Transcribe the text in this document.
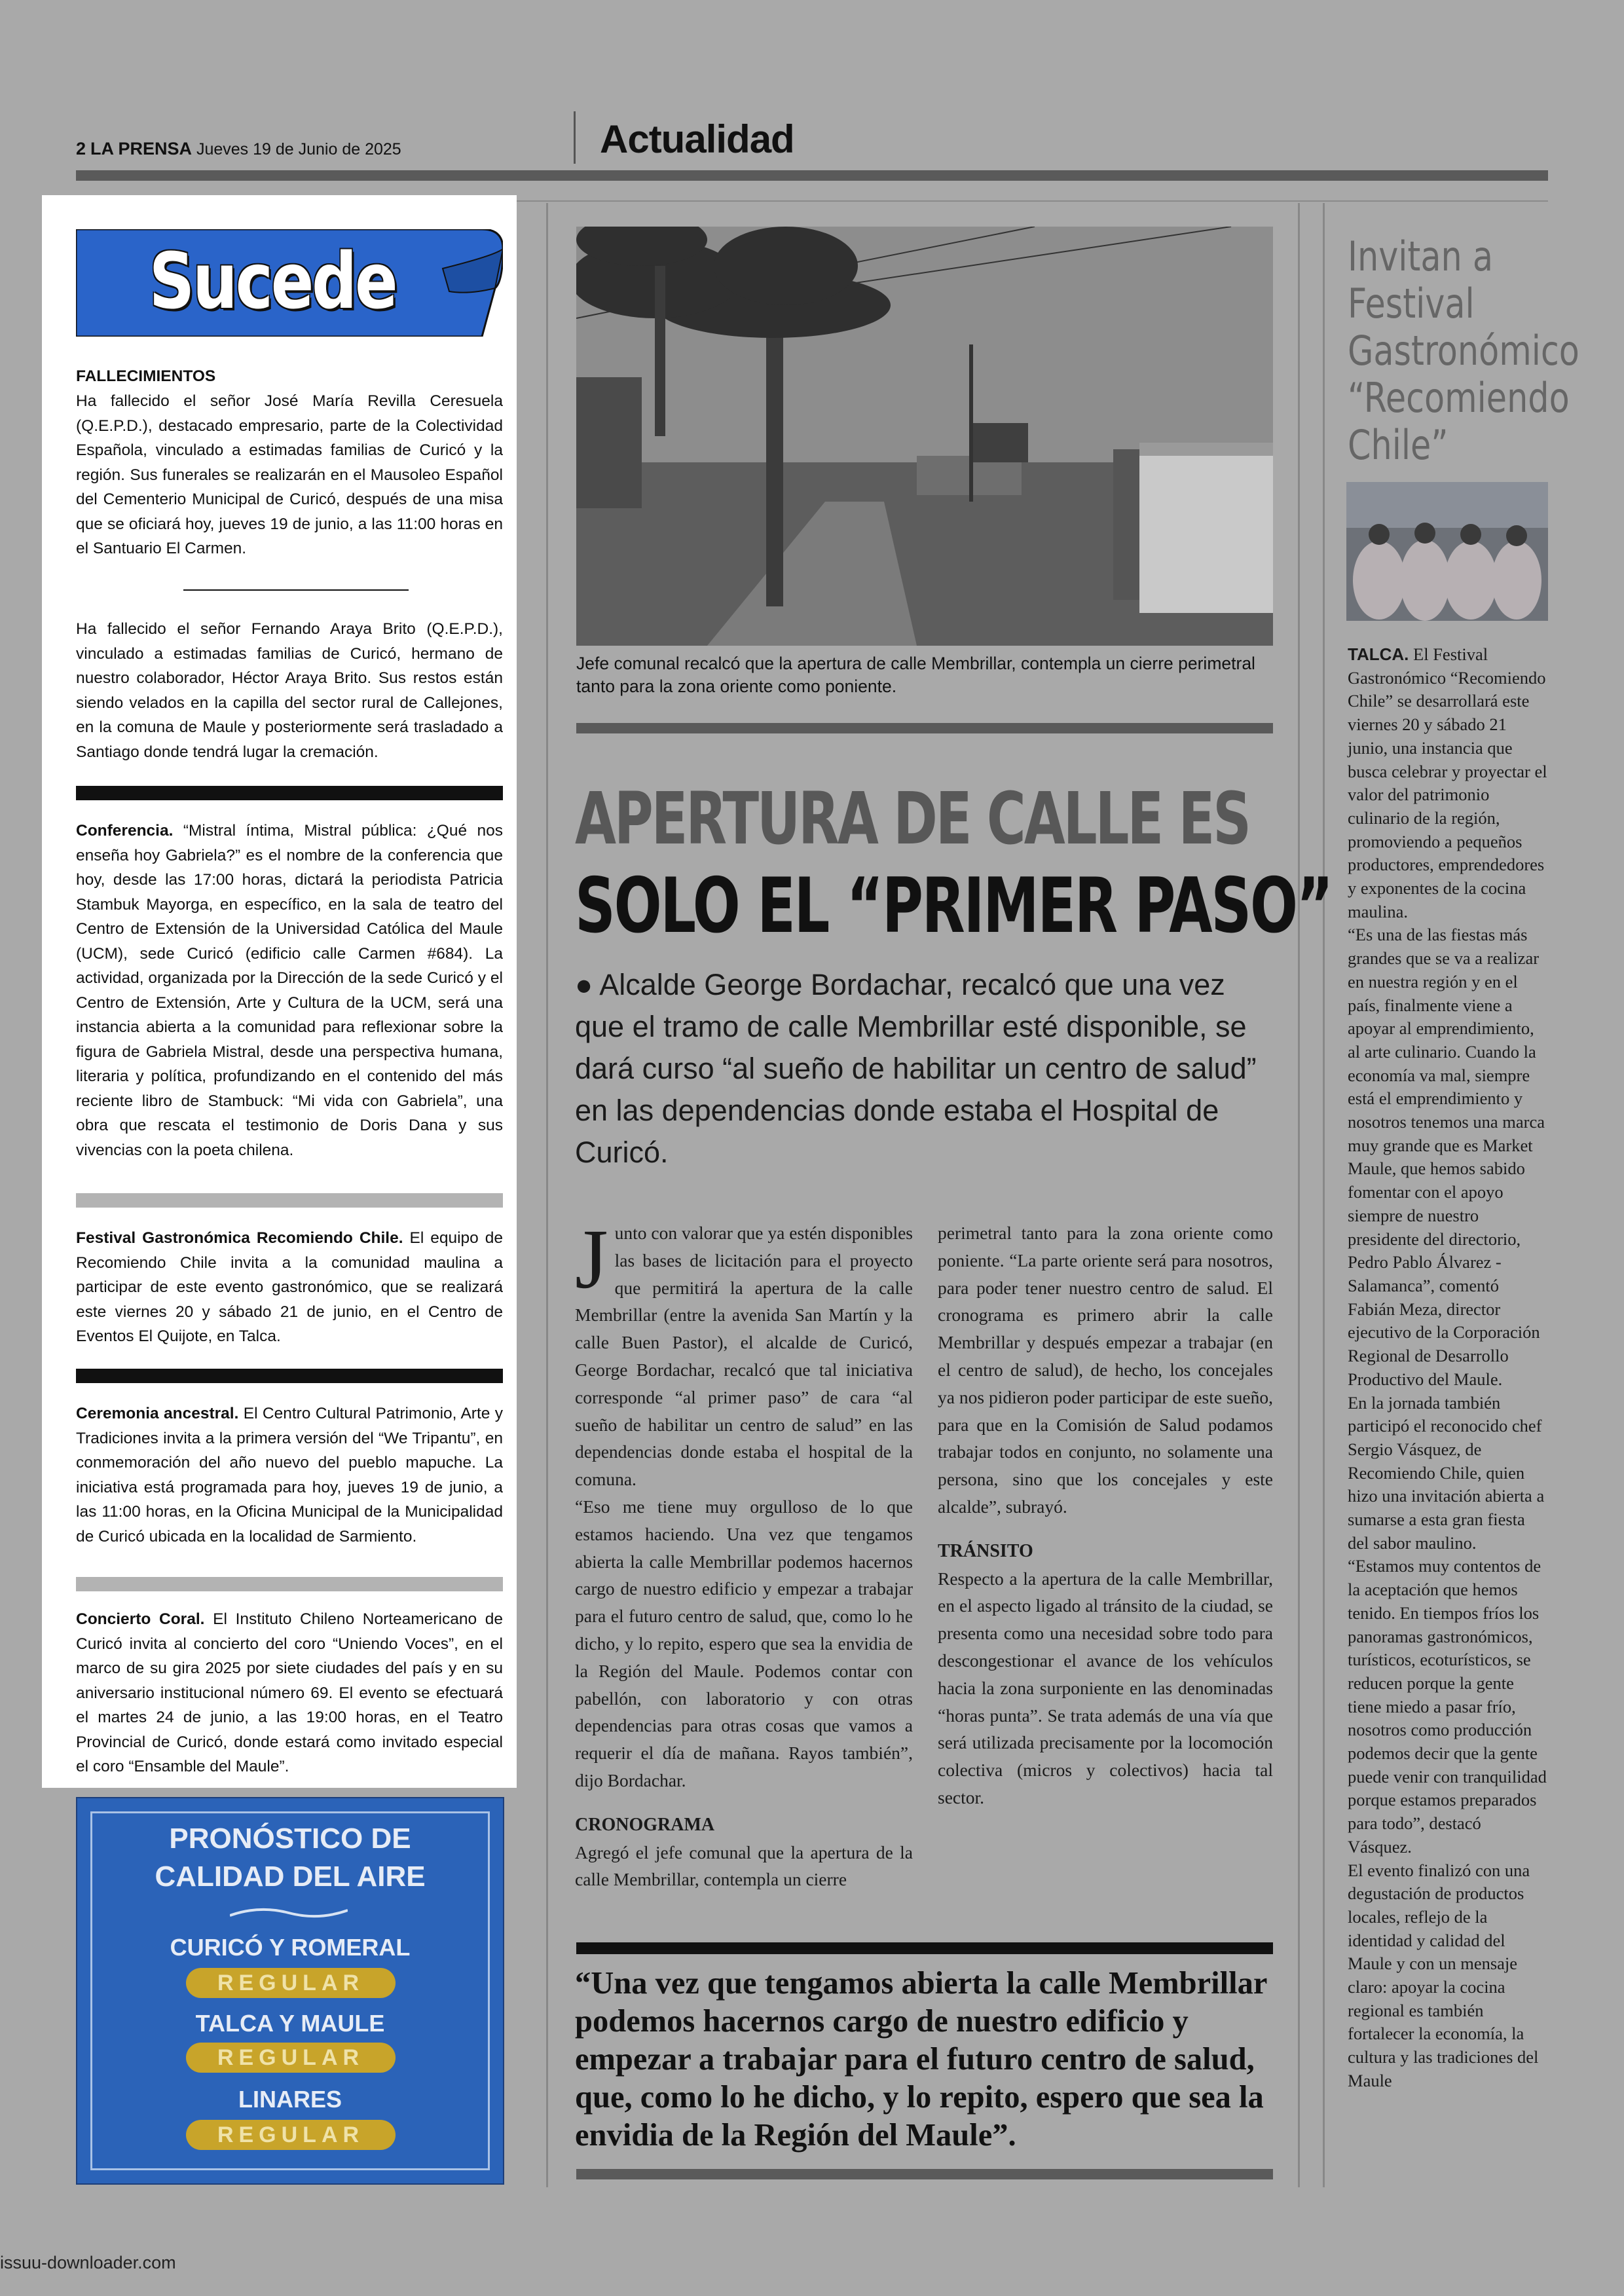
2 LA PRENSA Jueves 19 de Junio de 2025	Actualidad
Sucede
FALLECIMIENTOS
Ha fallecido el señor José María Revilla Ceresuela (Q.E.P.D.), destacado empresario, parte de la Colectividad Española, vinculado a estimadas familias de Curicó y la región. Sus funerales se realizarán en el Mausoleo Español del Cementerio Municipal de Curicó, después de una misa que se oficiará hoy, jueves 19 de junio, a las 11:00 horas en el Santuario El Carmen.
Ha fallecido el señor Fernando Araya Brito (Q.E.P.D.), vinculado a estimadas familias de Curicó, hermano de nuestro colaborador, Héctor Araya Brito. Sus restos están siendo velados en la capilla del sector rural de Callejones, en la comuna de Maule y posteriormente será trasladado a Santiago donde tendrá lugar la cremación.
Conferencia. “Mistral íntima, Mistral pública: ¿Qué nos enseña hoy Gabriela?” es el nombre de la conferencia que hoy, desde las 17:00 horas, dictará la periodista Patricia Stambuk Mayorga, en específico, en la sala de teatro del Centro de Extensión de la Universidad Católica del Maule (UCM), sede Curicó (edificio calle Carmen #684). La actividad, organizada por la Dirección de la sede Curicó y el Centro de Extensión, Arte y Cultura de la UCM, será una instancia abierta a la comunidad para reflexionar sobre la figura de Gabriela Mistral, desde una perspectiva humana, literaria y política, profundizando en el contenido del más reciente libro de Stambuck: “Mi vida con Gabriela”, una obra que rescata el testimonio de Doris Dana y sus vivencias con la poeta chilena.
Festival Gastronómica Recomiendo Chile. El equipo de Recomiendo Chile invita a la comunidad maulina a participar de este evento gastronómico, que se realizará este viernes 20 y sábado 21 de junio, en el Centro de Eventos El Quijote, en Talca.
Ceremonia ancestral. El Centro Cultural Patrimonio, Arte y Tradiciones invita a la primera versión del “We Tripantu”, en conmemoración del año nuevo del pueblo mapuche. La iniciativa está programada para hoy, jueves 19 de junio, a las 11:00 horas, en la Oficina Municipal de la Municipalidad de Curicó ubicada en la localidad de Sarmiento.
Concierto Coral. El Instituto Chileno Norteamericano de Curicó invita al concierto del coro “Uniendo Voces”, en el marco de su gira 2025 por siete ciudades del país y en su aniversario institucional número 69. El evento se efectuará el martes 24 de junio, a las 19:00 horas, en el Teatro Provincial de Curicó, donde estará como invitado especial el coro “Ensamble del Maule”.
PRONÓSTICO DE
CALIDAD DEL AIRE
CURICÓ Y ROMERAL
REGULAR
TALCA Y MAULE
REGULAR
LINARES
REGULAR
Jefe comunal recalcó que la apertura de calle Membrillar, contempla un cierre perimetral tanto para la zona oriente como poniente.
APERTURA DE CALLE ES
SOLO EL “PRIMER PASO”
● Alcalde George Bordachar, recalcó que una vez que el tramo de calle Membrillar esté disponible, se dará curso “al sueño de habilitar un centro de salud” en las dependencias donde estaba el Hospital de Curicó.
J unto con valorar que ya estén disponibles las bases de licitación para el proyecto que permitirá la apertura de la calle Membrillar (entre la avenida San Martín y la calle Buen Pastor), el alcalde de Curicó, George Bordachar, recalcó que tal iniciativa corresponde “al primer paso” de cara “al sueño de habilitar un centro de salud” en las dependencias donde estaba el hospital de la comuna.
“Eso me tiene muy orgulloso de lo que estamos haciendo. Una vez que tengamos abierta la calle Membrillar podemos hacernos cargo de nuestro edificio y empezar a trabajar para el futuro centro de salud, que, como lo he dicho, y lo repito, espero que sea la envidia de la Región del Maule. Podemos contar con pabellón, con laboratorio y con otras dependencias para otras cosas que vamos a requerir el día de mañana. Rayos también”, dijo Bordachar.
CRONOGRAMA
Agregó el jefe comunal que la apertura de la calle Membrillar, contempla un cierre
perimetral tanto para la zona oriente como poniente. “La parte oriente será para nosotros, para poder tener nuestro centro de salud. El cronograma es primero abrir la calle Membrillar y después empezar a trabajar (en el centro de salud), de hecho, los concejales ya nos pidieron poder participar de este sueño, para que en la Comisión de Salud podamos trabajar todos en conjunto, no solamente una persona, sino que los concejales y este alcalde”, subrayó.
TRÁNSITO
Respecto a la apertura de la calle Membrillar, en el aspecto ligado al tránsito de la ciudad, se presenta como una necesidad sobre todo para descongestionar el avance de los vehículos hacia la zona surponiente en las denominadas “horas punta”. Se trata además de una vía que será utilizada precisamente por la locomoción colectiva (micros y colectivos) hacia tal sector.
“Una vez que tengamos abierta la calle Membrillar podemos hacernos cargo de nuestro edificio y empezar a trabajar para el futuro centro de salud, que, como lo he dicho, y lo repito, espero que sea la envidia de la Región del Maule”.
Invitan a Festival Gastronómico “Recomiendo Chile”
TALCA. El Festival Gastronómico “Recomiendo Chile” se desarrollará este viernes 20 y sábado 21 junio, una instancia que busca celebrar y proyectar el valor del patrimonio culinario de la región, promoviendo a pequeños productores, emprendedores y exponentes de la cocina maulina.
“Es una de las fiestas más grandes que se va a realizar en nuestra región y en el país, finalmente viene a apoyar al emprendimiento, al arte culinario. Cuando la economía va mal, siempre está el emprendimiento y nosotros tenemos una marca muy grande que es Market Maule, que hemos sabido fomentar con el apoyo siempre de nuestro presidente del directorio, Pedro Pablo Álvarez - Salamanca”, comentó Fabián Meza, director ejecutivo de la Corporación Regional de Desarrollo Productivo del Maule.
En la jornada también participó el reconocido chef Sergio Vásquez, de Recomiendo Chile, quien hizo una invitación abierta a sumarse a esta gran fiesta del sabor maulino.
“Estamos muy contentos de la aceptación que hemos tenido. En tiempos fríos los panoramas gastronómicos, turísticos, ecoturísticos, se reducen porque la gente tiene miedo a pasar frío, nosotros como producción podemos decir que la gente puede venir con tranquilidad porque estamos preparados para todo”, destacó Vásquez.
El evento finalizó con una degustación de productos locales, reflejo de la identidad y calidad del Maule y con un mensaje claro: apoyar la cocina regional es también fortalecer la economía, la cultura y las tradiciones del Maule
issuu-downloader.com
